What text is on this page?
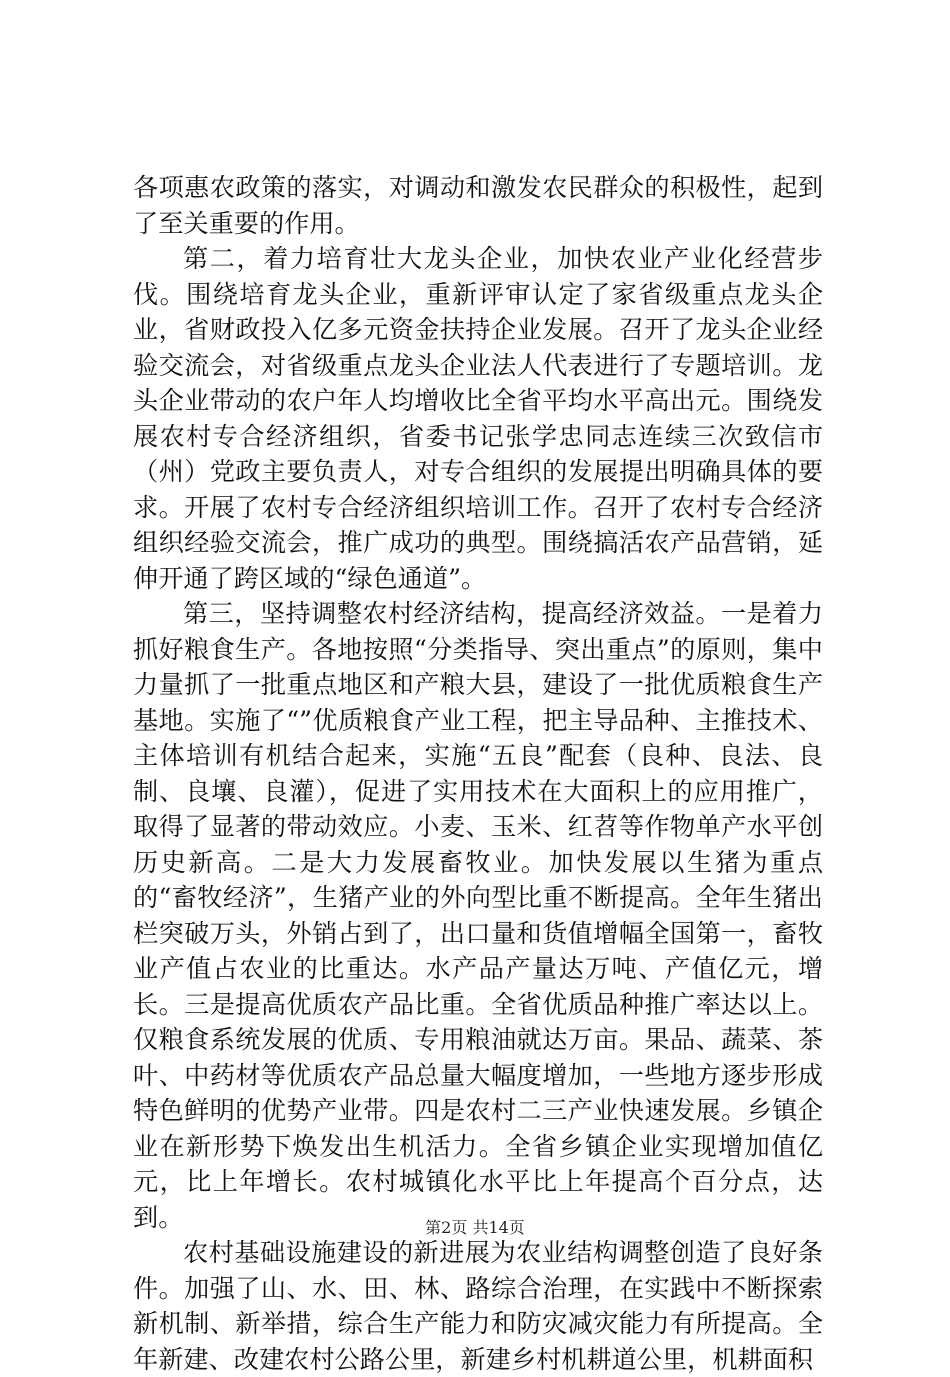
各项惠农政策的落实，对调动和激发农民群众的积极性，起到了至关重要的作用。

第二，着力培育壮大龙头企业，加快农业产业化经营步伐。围绕培育龙头企业，重新评审认定了家省级重点龙头企业，省财政投入亿多元资金扶持企业发展。召开了龙头企业经验交流会，对省级重点龙头企业法人代表进行了专题培训。龙头企业带动的农户年人均增收比全省平均水平高出元。围绕发展农村专合经济组织，省委书记张学忠同志连续三次致信市（州）党政主要负责人，对专合组织的发展提出明确具体的要求。开展了农村专合经济组织培训工作。召开了农村专合经济组织经验交流会，推广成功的典型。围绕搞活农产品营销，延伸开通了跨区域的“绿色通道”。

第三，坚持调整农村经济结构，提高经济效益。一是着力抓好粮食生产。各地按照“分类指导、突出重点”的原则，集中力量抓了一批重点地区和产粮大县，建设了一批优质粮食生产基地。实施了“”优质粮食产业工程，把主导品种、主推技术、主体培训有机结合起来，实施“五良”配套（良种、良法、良制、良壤、良灌），促进了实用技术在大面积上的应用推广，取得了显著的带动效应。小麦、玉米、红苕等作物单产水平创历史新高。二是大力发展畜牧业。加快发展以生猪为重点的“畜牧经济”，生猪产业的外向型比重不断提高。全年生猪出栏突破万头，外销占到了，出口量和货值增幅全国第一，畜牧业产值占农业的比重达。水产品产量达万吨、产值亿元，增长。三是提高优质农产品比重。全省优质品种推广率达以上。仅粮食系统发展的优质、专用粮油就达万亩。果品、蔬菜、茶叶、中药材等优质农产品总量大幅度增加，一些地方逐步形成特色鲜明的优势产业带。四是农村二三产业快速发展。乡镇企业在新形势下焕发出生机活力。全省乡镇企业实现增加值亿元，比上年增长。农村城镇化水平比上年提高个百分点，达到。

农村基础设施建设的新进展为农业结构调整创造了良好条件。加强了山、水、田、林、路综合治理，在实践中不断探索新机制、新举措，综合生产能力和防灾减灾能力有所提高。全年新建、改建农村公路公里，新建乡村机耕道公里，机耕面积

第2页 共14页
